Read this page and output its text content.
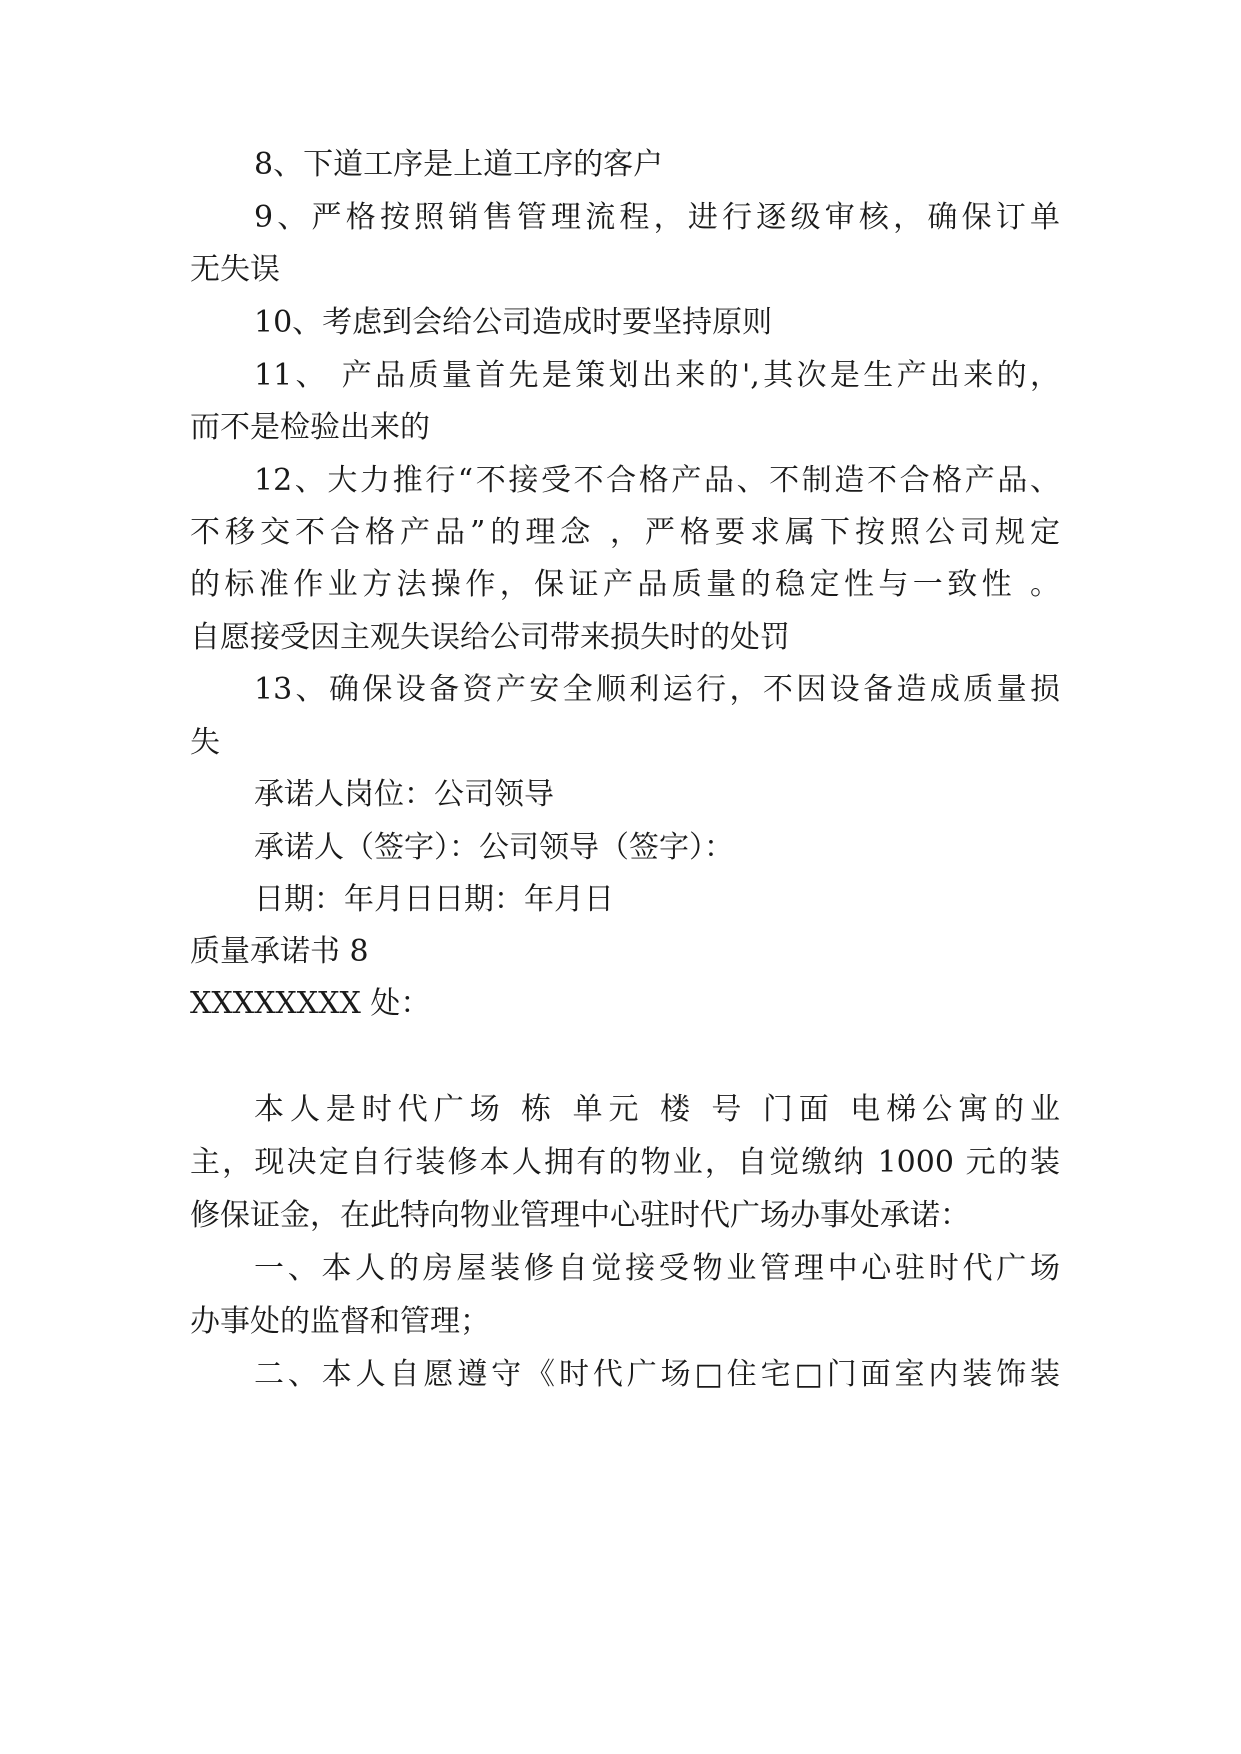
8、下道工序是上道工序的客户
9、严格按照销售管理流程，进行逐级审核，确保订单
无失误
10、考虑到会给公司造成时要坚持原则
11、 产品质量首先是策划出来的',其次是生产出来的，
而不是检验出来的
12、大力推行“不接受不合格产品、不制造不合格产品、
不移交不合格产品”的理念 ，严格要求属下按照公司规定
的标准作业方法操作，保证产品质量的稳定性与一致性 。
自愿接受因主观失误给公司带来损失时的处罚
13、确保设备资产安全顺利运行，不因设备造成质量损
失
承诺人岗位：公司领导
承诺人（签字）：公司领导（签字）：
日期：年月日日期：年月日
质量承诺书 8
XXXXXXXX 处：
本人是时代广场 栋 单元 楼 号 门面 电梯公寓的业
主，现决定自行装修本人拥有的物业，自觉缴纳 1000 元的装
修保证金，在此特向物业管理中心驻时代广场办事处承诺：
一、本人的房屋装修自觉接受物业管理中心驻时代广场
办事处的监督和管理；
二、本人自愿遵守《时代广场□住宅□门面室内装饰装
